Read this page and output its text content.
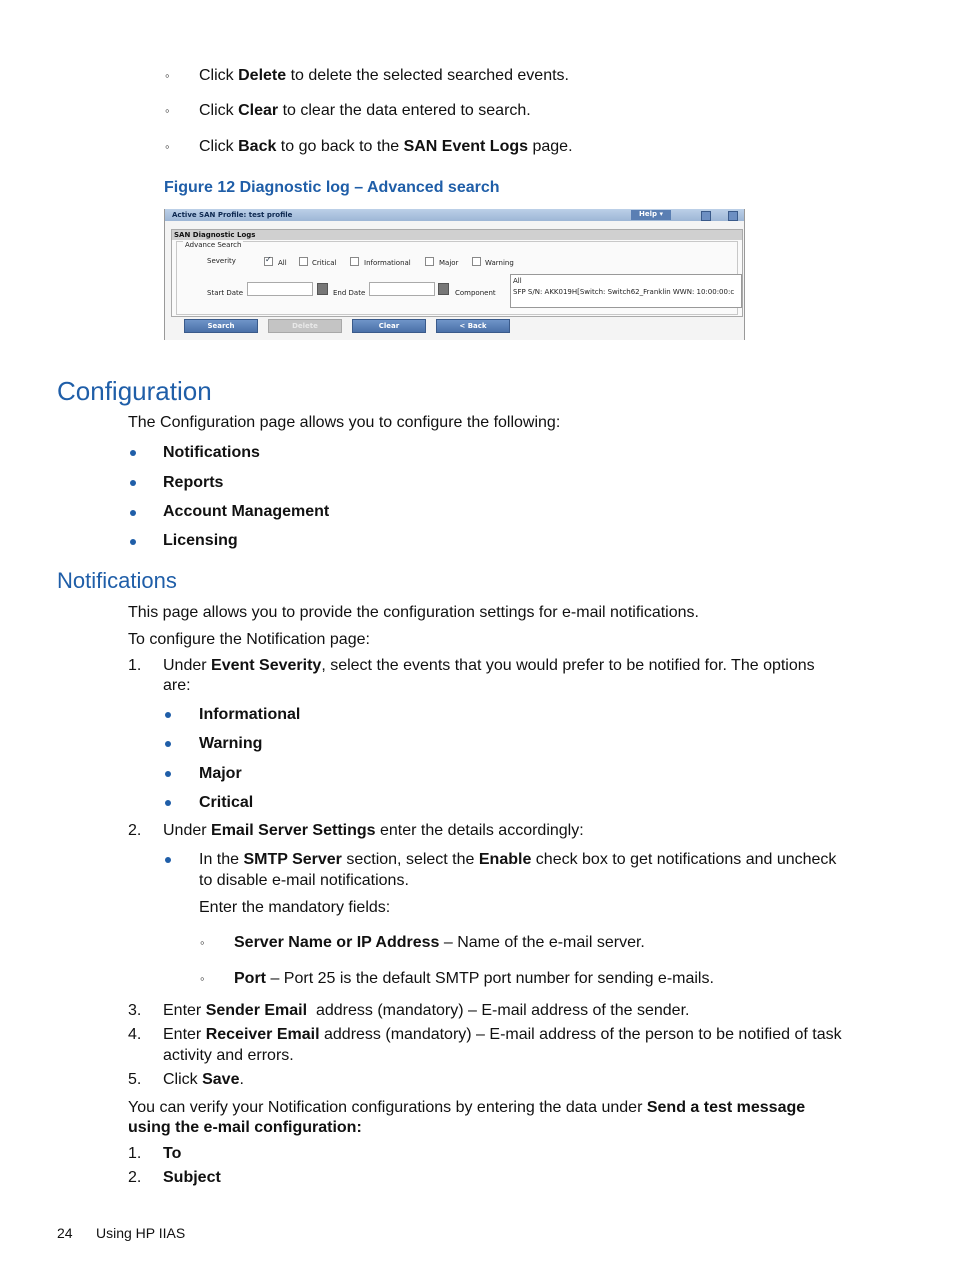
◦ Click Delete to delete the selected searched events.
◦ Click Clear to clear the data entered to search.
◦ Click Back to go back to the SAN Event Logs page.
Figure 12 Diagnostic log – Advanced search
Active SAN Profile: test profile	Help ▾
SAN Diagnostic Logs
Advance Search
Severity
✓	All	Critical	Informational	Major	Warning
Start Date	End Date	Component
All
SFP S/N: AKK019H[Switch: Switch62_Franklin WWN: 10:00:00:c
Search	Delete	Clear	< Back
Configuration
The Configuration page allows you to configure the following:
Notifications
Reports
Account Management
Licensing
Notifications
This page allows you to provide the configuration settings for e-mail notifications.
To configure the Notification page:
1. Under Event Severity, select the events that you would prefer to be notified for. The options
are:
Informational
Warning
Major
Critical
2. Under Email Server Settings enter the details accordingly:
In the SMTP Server section, select the Enable check box to get notifications and uncheck
to disable e-mail notifications.
Enter the mandatory fields:
◦ Server Name or IP Address – Name of the e-mail server.
◦ Port – Port 25 is the default SMTP port number for sending e-mails.
3. Enter Sender Email  address (mandatory) – E-mail address of the sender.
4. Enter Receiver Email address (mandatory) – E-mail address of the person to be notified of task
activity and errors.
5. Click Save.
You can verify your Notification configurations by entering the data under Send a test message
using the e-mail configuration:
1. To
2. Subject
24 Using HP IIAS
